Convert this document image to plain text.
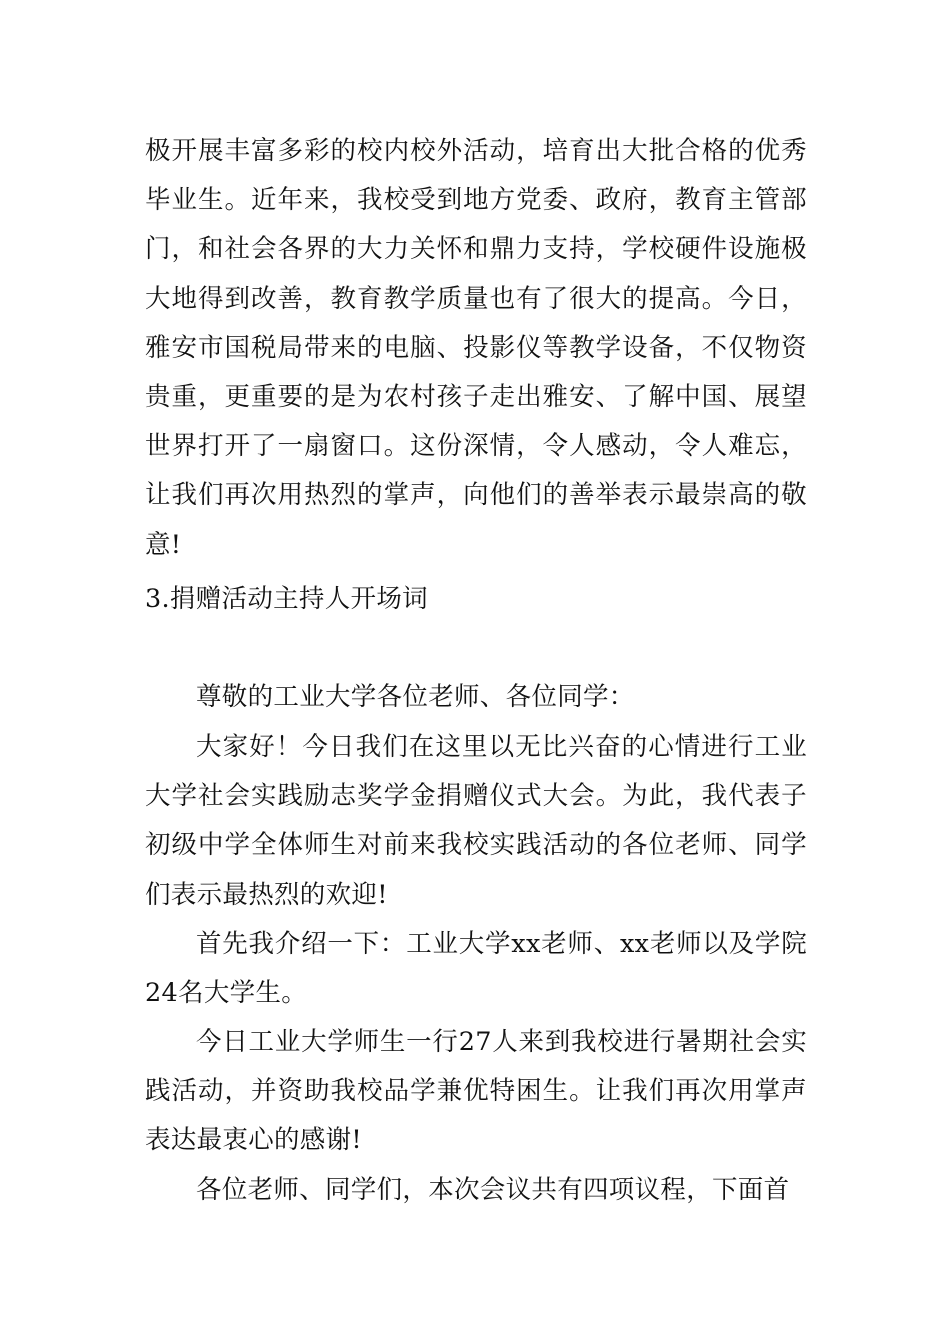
极开展丰富多彩的校内校外活动，培育出大批合格的优秀毕业生。近年来，我校受到地方党委、政府，教育主管部门，和社会各界的大力关怀和鼎力支持，学校硬件设施极大地得到改善，教育教学质量也有了很大的提高。今日，雅安市国税局带来的电脑、投影仪等教学设备，不仅物资贵重，更重要的是为农村孩子走出雅安、了解中国、展望世界打开了一扇窗口。这份深情，令人感动，令人难忘，让我们再次用热烈的掌声，向他们的善举表示最崇高的敬意!

3.捐赠活动主持人开场词

尊敬的工业大学各位老师、各位同学：

大家好！今日我们在这里以无比兴奋的心情进行工业大学社会实践励志奖学金捐赠仪式大会。为此，我代表子初级中学全体师生对前来我校实践活动的各位老师、同学们表示最热烈的欢迎!

首先我介绍一下：工业大学xx老师、xx老师以及学院24名大学生。

今日工业大学师生一行27人来到我校进行暑期社会实践活动，并资助我校品学兼优特困生。让我们再次用掌声表达最衷心的感谢!

各位老师、同学们，本次会议共有四项议程，下面首
